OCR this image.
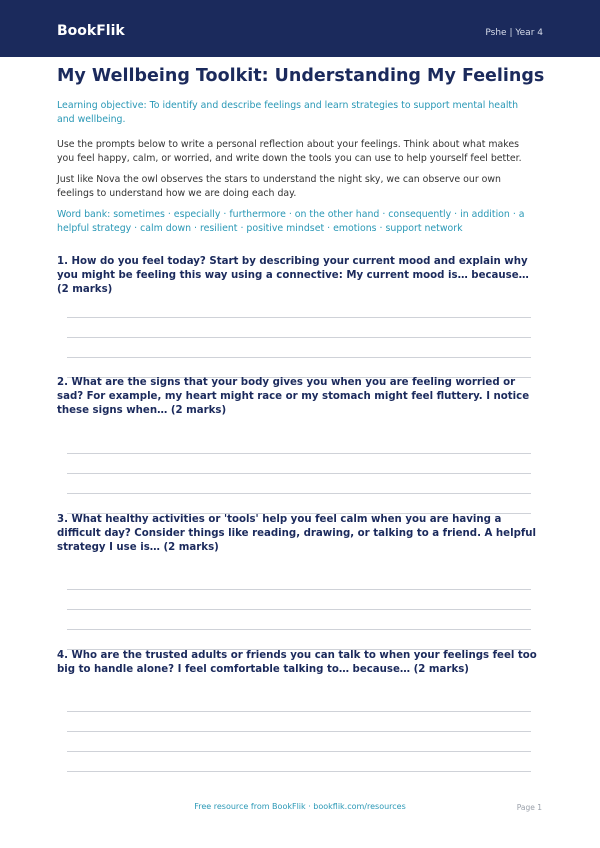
BookFlik	Pshe | Year 4
My Wellbeing Toolkit: Understanding My Feelings
Learning objective: To identify and describe feelings and learn strategies to support mental health and wellbeing.
Use the prompts below to write a personal reflection about your feelings. Think about what makes you feel happy, calm, or worried, and write down the tools you can use to help yourself feel better.
Just like Nova the owl observes the stars to understand the night sky, we can observe our own feelings to understand how we are doing each day.
Word bank: sometimes · especially · furthermore · on the other hand · consequently · in addition · a helpful strategy · calm down · resilient · positive mindset · emotions · support network
1. How do you feel today? Start by describing your current mood and explain why you might be feeling this way using a connective: My current mood is… because… (2 marks)
2. What are the signs that your body gives you when you are feeling worried or sad? For example, my heart might race or my stomach might feel fluttery. I notice these signs when… (2 marks)
3. What healthy activities or 'tools' help you feel calm when you are having a difficult day? Consider things like reading, drawing, or talking to a friend. A helpful strategy I use is… (2 marks)
4. Who are the trusted adults or friends you can talk to when your feelings feel too big to handle alone? I feel comfortable talking to… because… (2 marks)
Free resource from BookFlik · bookflik.com/resources	Page 1
